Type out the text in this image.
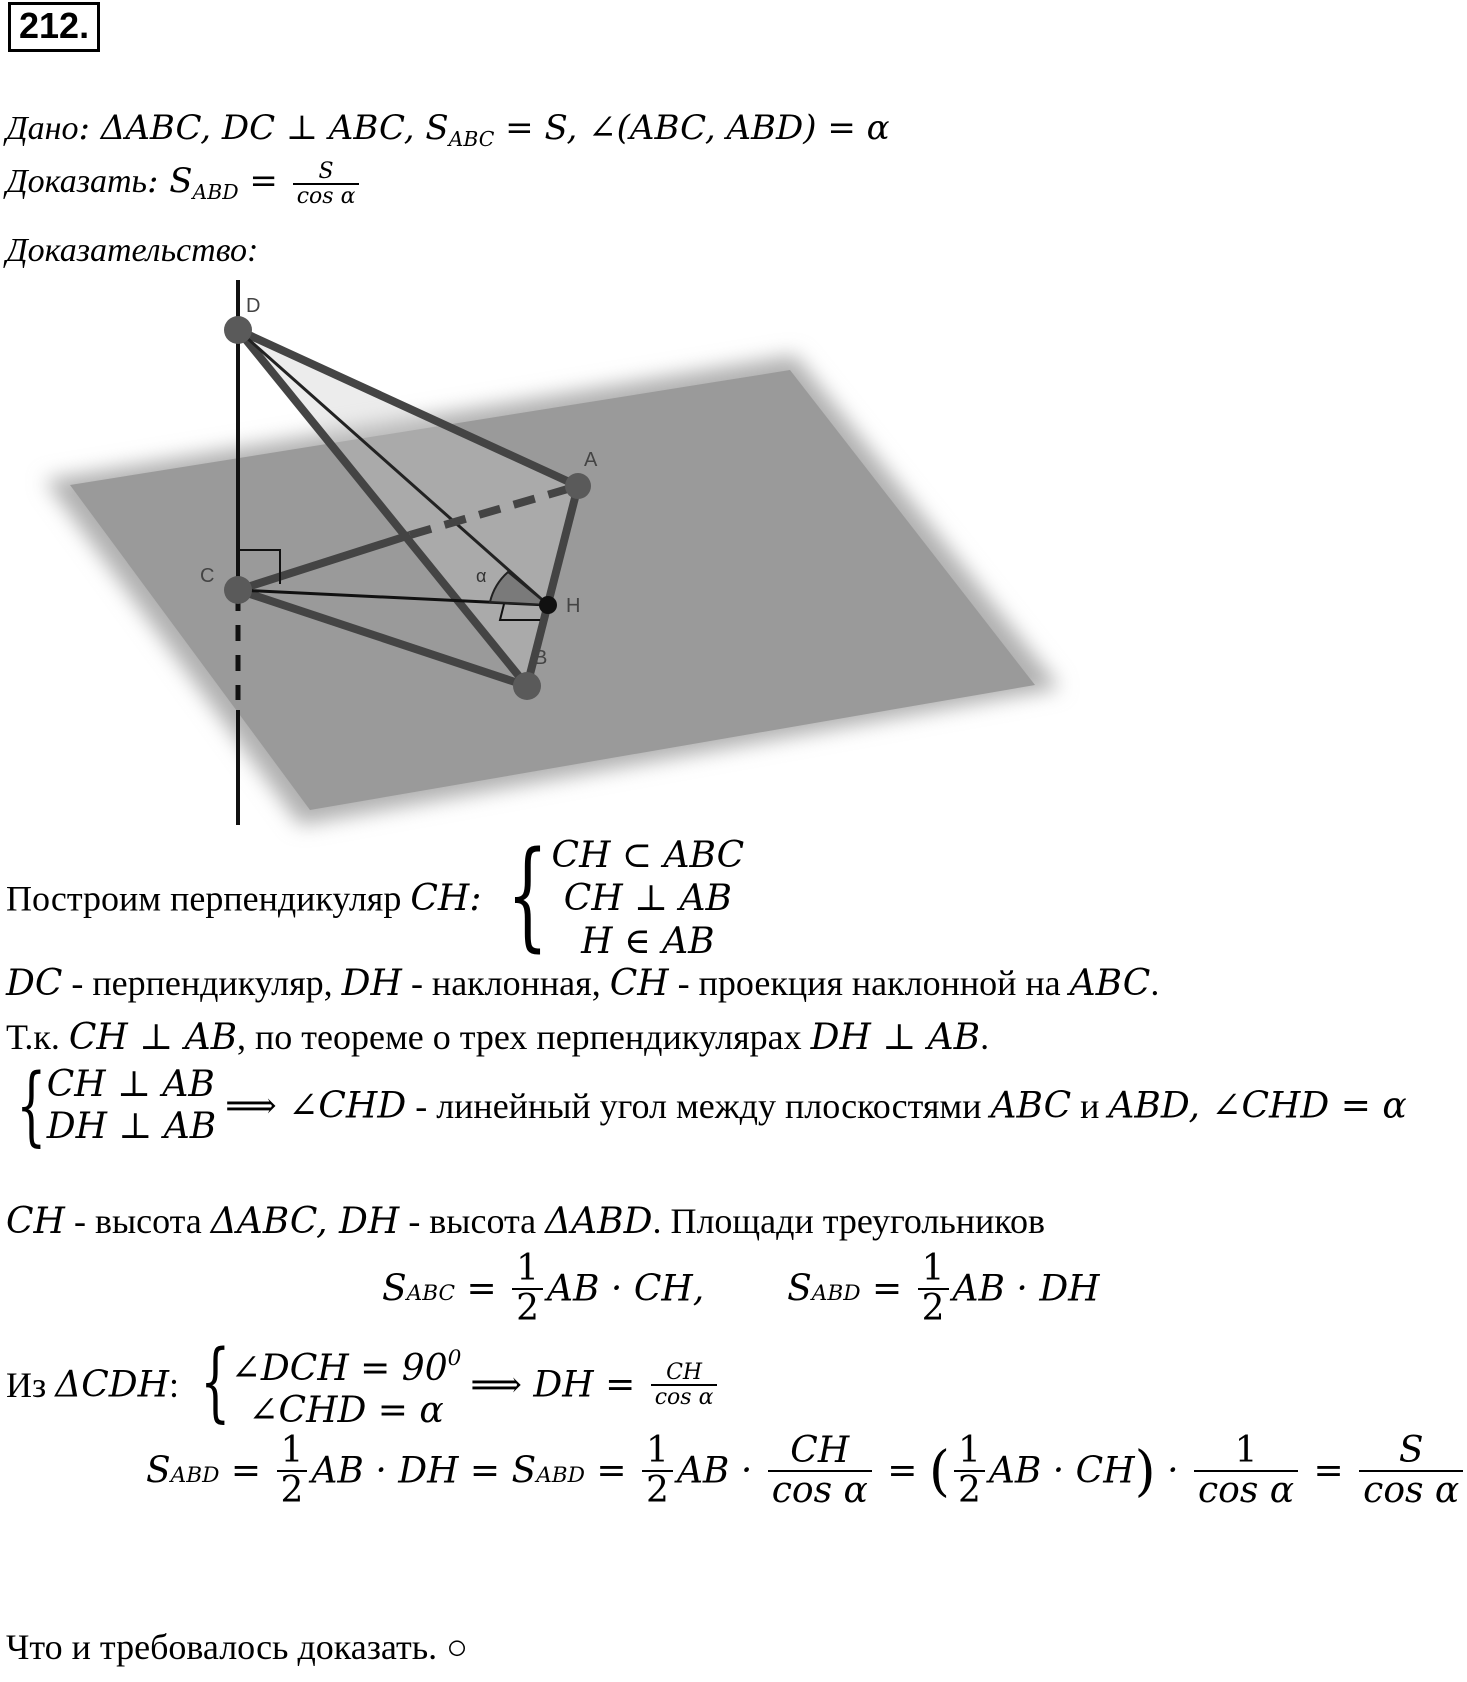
212.
Дано: ΔABC, DC ⊥ ABC, $S_{ABC} = S$, ∠(ABC, ABD) = α
Доказать: $S_{ABD} = \frac{S}{\text{cos α}}$
Доказательство:
D
A
C
H
B
α
Построим перпендикуляр CH: { CH ⊂ ABC
CH ⊥ AB
H ∈ AB
DC - перпендикуляр, DH - наклонная, CH - проекция наклонной на ABC.
Т.к. CH ⊥ AB, по теореме о трех перпендикулярах DH ⊥ AB.
{ CH ⊥ AB
DH ⊥ AB ⟹ ∠CHD - линейный угол между плоскостями ABC и ABD, ∠CHD = α
CH - высота ΔABC, DH - высота ΔABD. Площади треугольников
SABC = $\frac{1}{2}$ AB · CH, SABD = $\frac{1}{2}$ AB · DH
Из ΔCDH: { ∠DCH = $90^0$
∠CHD = α
⟹ DH = $\frac{CH}{\text{cos α}}$
SABD = $\frac{1}{2}$ AB · DH = SABD = $\frac{1}{2}$ AB · $\frac{CH}{\text{cos α}}$ = ( $\frac{1}{2}$ AB · $CH) \cdot \frac{1}{\text{cos α}} = \frac{S}{\text{cos α}}$
Что и требовалось доказать. ○
